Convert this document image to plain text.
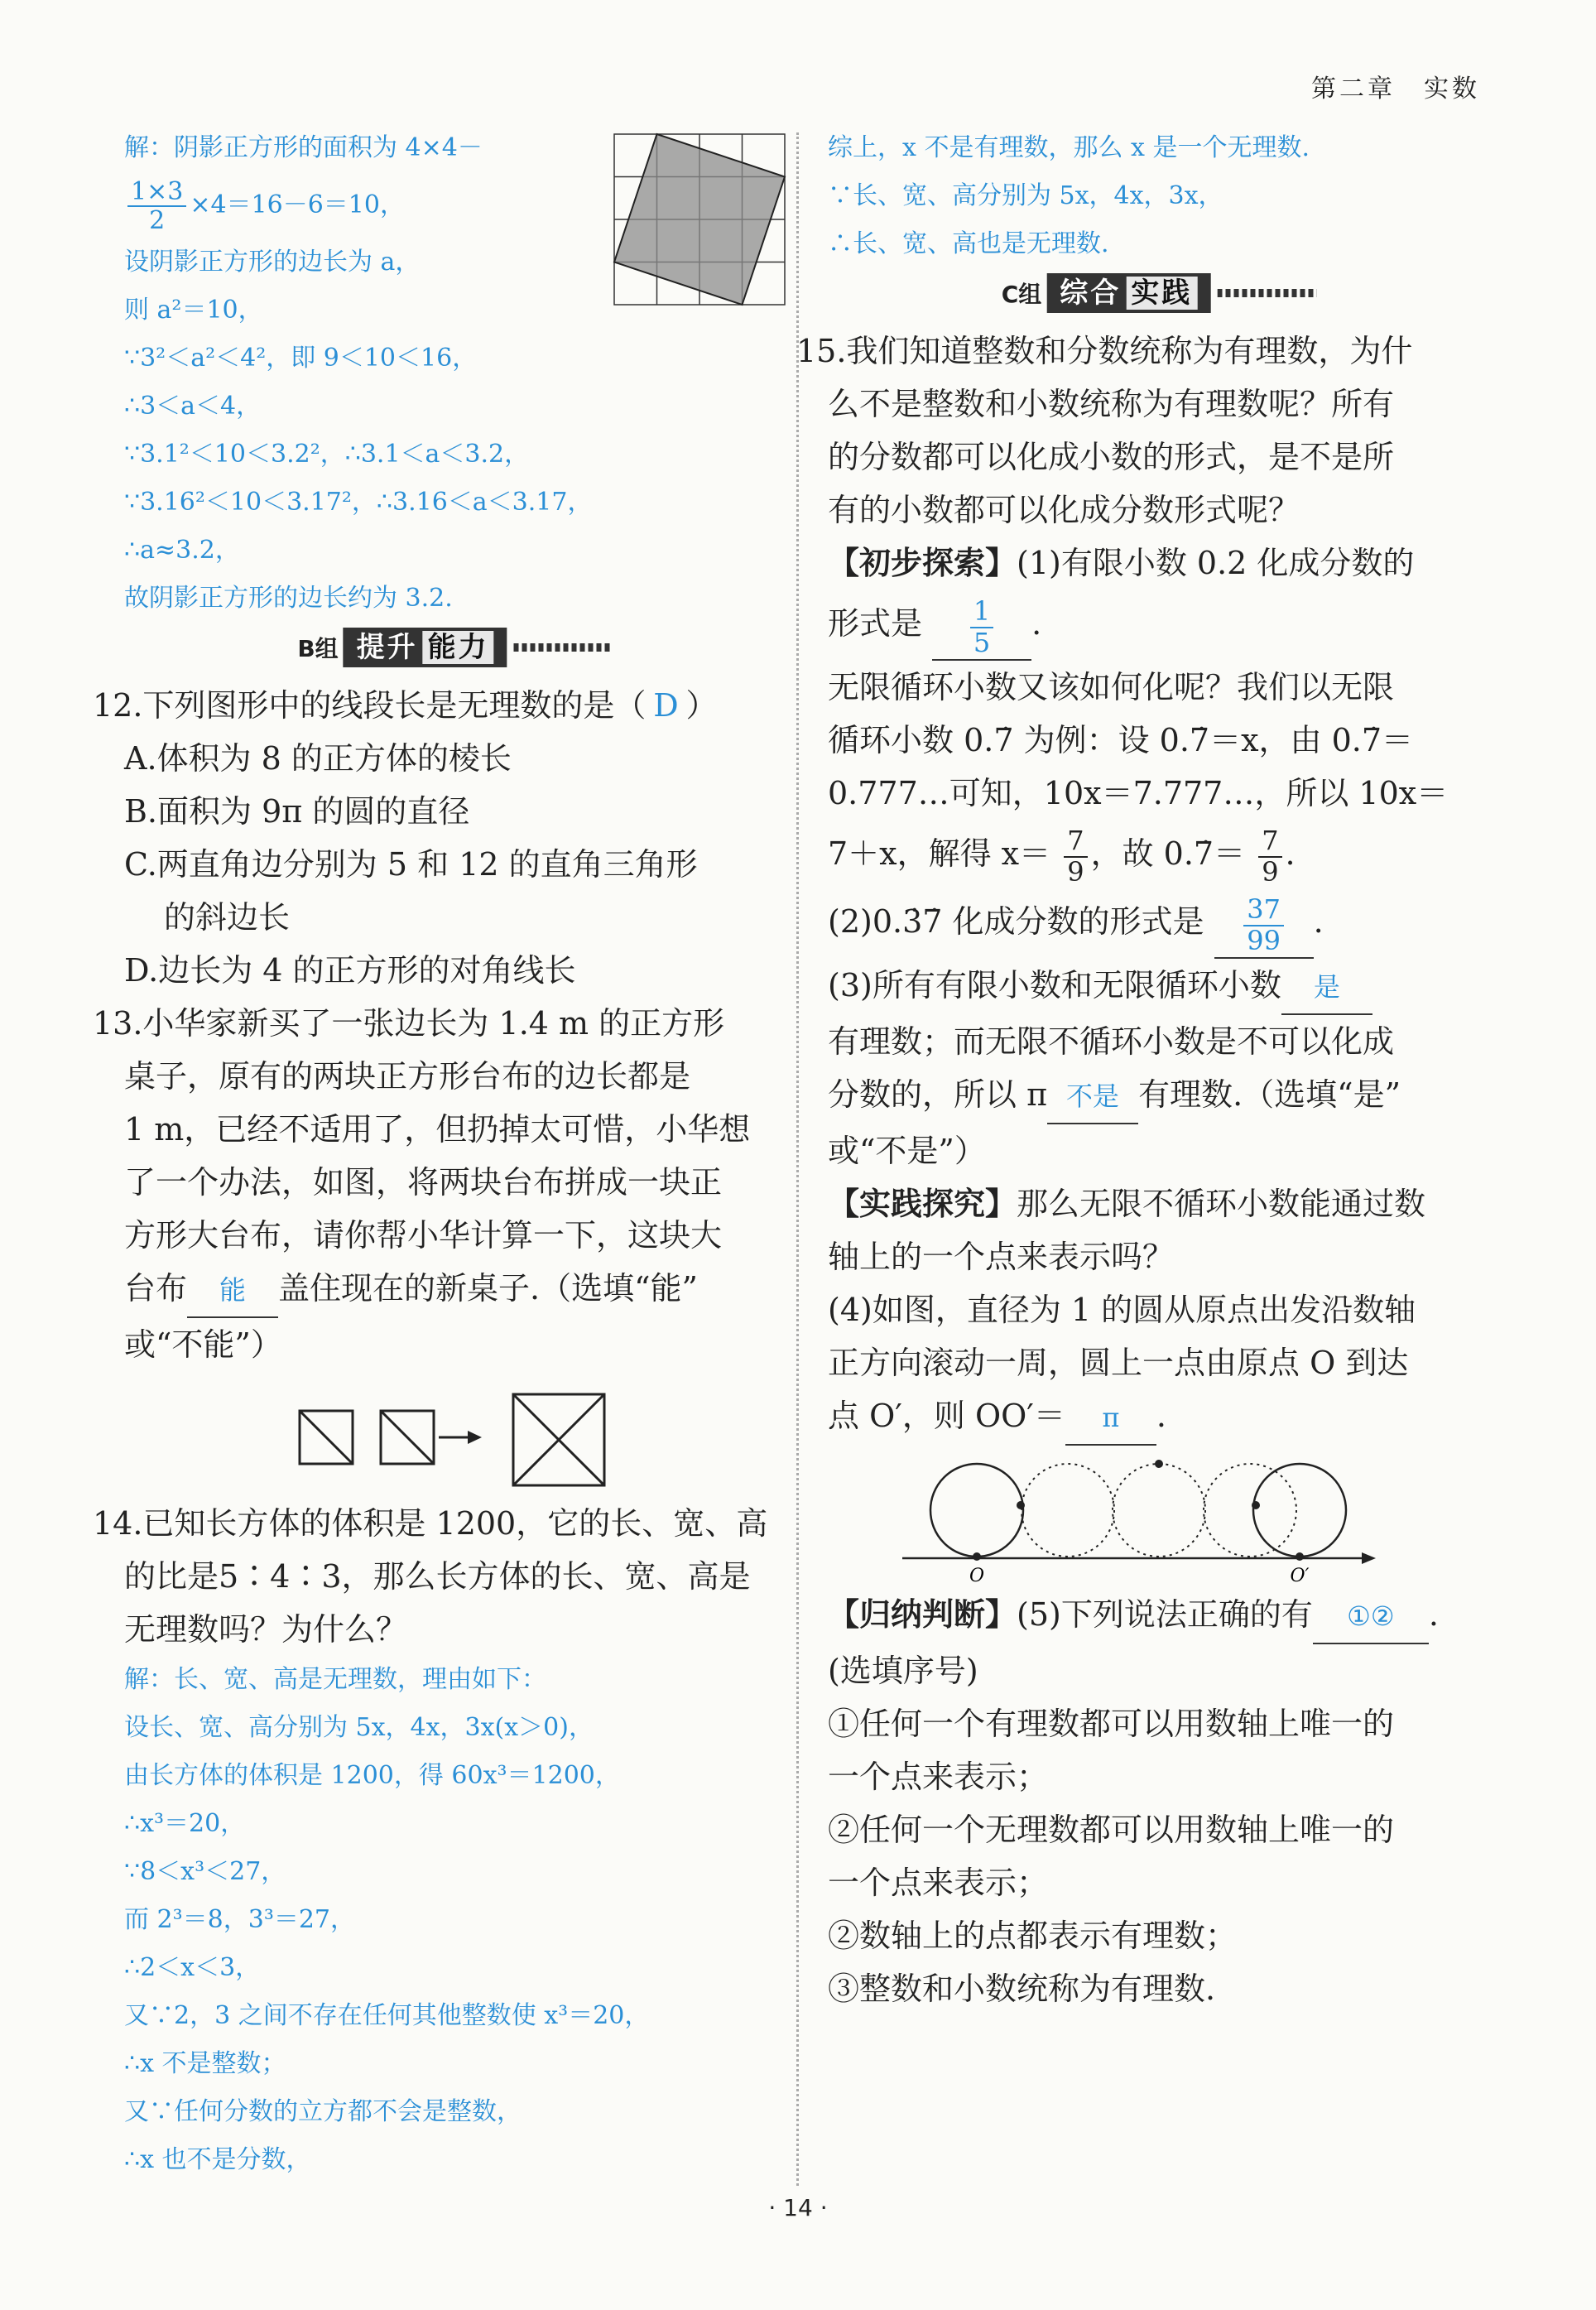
第二章　实数
解：阴影正方形的面积为 4×4－
$\frac{1\times 3}{2} \times 4=16-6=10$，
设阴影正方形的边长为 a，
则 a²＝10，
∵3²＜a²＜4²，即 9＜10＜16，
∴3＜a＜4，
∵3.1²＜10＜3.2²，∴3.1＜a＜3.2，
∵3.16²＜10＜3.17²，∴3.16＜a＜3.17，
∴a≈3.2，
故阴影正方形的边长约为 3.2.
B组 提升 能力
12.下列图形中的线段长是无理数的是（ D ）
A.体积为 8 的正方体的棱长
B.面积为 9π 的圆的直径
C.两直角边分别为 5 和 12 的直角三角形
的斜边长
D.边长为 4 的正方形的对角线长
13.小华家新买了一张边长为 1.4 m 的正方形
桌子，原有的两块正方形台布的边长都是
1 m，已经不适用了，但扔掉太可惜，小华想
了一个办法，如图，将两块台布拼成一块正
方形大台布，请你帮小华计算一下，这块大
台布 能 盖住现在的新桌子.（选填“能”
或“不能”）
14.已知长方体的体积是 1200，它的长、宽、高
的比是5∶4∶3，那么长方体的长、宽、高是
无理数吗？为什么？
解：长、宽、高是无理数，理由如下：
设长、宽、高分别为 5x，4x，3x(x＞0)，
由长方体的体积是 1200，得 60x³＝1200，
∴x³＝20，
∵8＜x³＜27，
而 2³＝8，3³＝27，
∴2＜x＜3，
又∵2，3 之间不存在任何其他整数使 x³＝20，
∴x 不是整数；
又∵任何分数的立方都不会是整数，
∴x 也不是分数，
综上，x 不是有理数，那么 x 是一个无理数.
∵长、宽、高分别为 5x，4x，3x，
∴长、宽、高也是无理数.
C组 综合 实践
15.我们知道整数和分数统称为有理数，为什
么不是整数和小数统称为有理数呢？所有
的分数都可以化成小数的形式，是不是所
有的小数都可以化成分数形式呢？
【初步探索】(1)有限小数 0.2 化成分数的
形式是 $\frac{1}{5}$ .
无限循环小数又该如何化呢？我们以无限
循环小数 0.7̇ 为例：设 0.7̇＝x，由 0.7̇＝
0.777…可知，10x＝7.777…，所以 10x＝
7＋x，解得 $x= \frac{7}{9}$ ，故 0.7̇＝ $\frac{7}{9}$ .
(2)0.3̇7̇ 化成分数的形式是 $\frac{37}{99}$ .
(3)所有有限小数和无限循环小数 是
有理数；而无限不循环小数是不可以化成
分数的，所以 π 不是 有理数.（选填“是”
或“不是”）
【实践探究】那么无限不循环小数能通过数
轴上的一个点来表示吗？
(4)如图，直径为 1 的圆从原点出发沿数轴
正方向滚动一周，圆上一点由原点 O 到达
点 O′，则 OO′＝ π .
O	O′
【归纳判断】(5)下列说法正确的有 ①② .
(选填序号)
①任何一个有理数都可以用数轴上唯一的
一个点来表示；
②任何一个无理数都可以用数轴上唯一的
一个点来表示；
②数轴上的点都表示有理数；
③整数和小数统称为有理数.
· 14 ·
